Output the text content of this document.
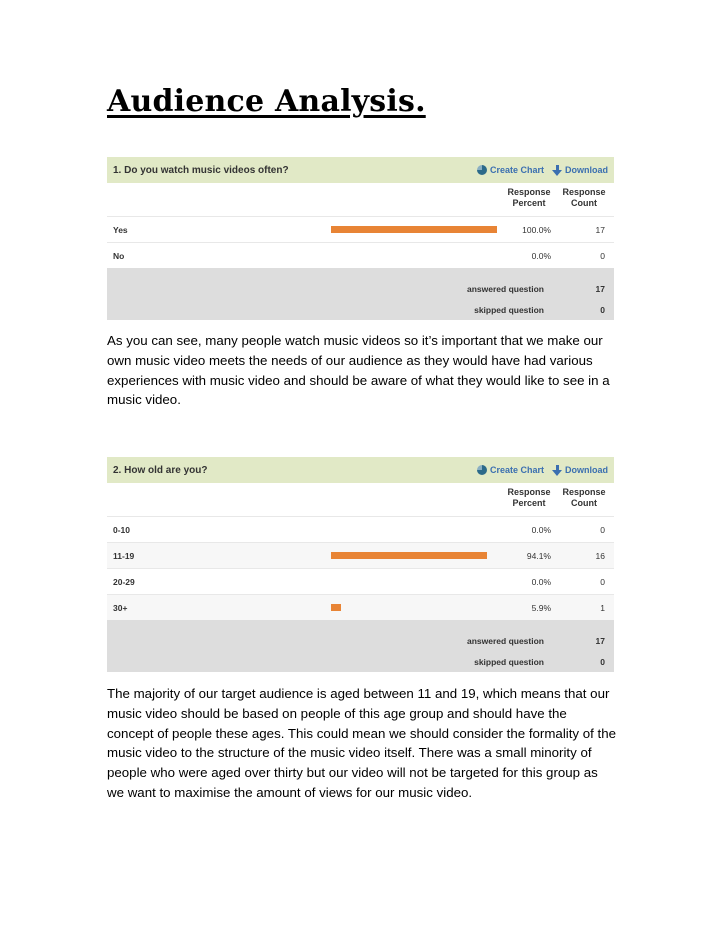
Audience Analysis.
1. Do you watch music videos often?	Create Chart Download
Response
Percent
Response
Count
Yes	100.0%	17
No	0.0%	0
answered question	17
skipped question	0
As you can see, many people watch music videos so it’s important that we make our own music video meets the needs of our audience as they would have had various experiences with music video and should be aware of what they would like to see in a music video.
2. How old are you?	Create Chart Download
Response
Percent
Response
Count
0-10	0.0%	0
11-19	94.1%	16
20-29	0.0%	0
30+	5.9%	1
answered question	17
skipped question	0
The majority of our target audience is aged between 11 and 19, which means that our music video should be based on people of this age group and should have the concept of people these ages. This could mean we should consider the formality of the music video to the structure of the music video itself. There was a small minority of people who were aged over thirty but our video will not be targeted for this group as we want to maximise the amount of views for our music video.
